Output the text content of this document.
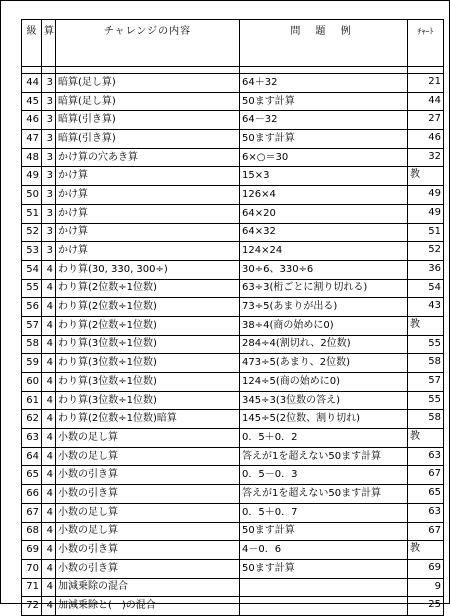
級	算	チャレンジの内容	問 題 例	ﾁｬｰﾄ

44	3	暗算(足し算)	64＋32	21

45	3	暗算(足し算)	50ます計算	44

46	3	暗算(引き算)	64－32	27

47	3	暗算(引き算)	50ます計算	46

48	3	かけ算の穴あき算	6×○＝30	32

49	3	かけ算	15×3	教

50	3	かけ算	126×4	49

51	3	かけ算	64×20	49

52	3	かけ算	64×32	51

53	3	かけ算	124×24	52

54	4	わり算(30, 330, 300÷)	30÷6、330÷6	36

55	4	わり算(2位数÷1位数)	63÷3(桁ごとに割り切れる)	54

56	4	わり算(2位数÷1位数)	73÷5(あまりが出る)	43

57	4	わり算(2位数÷1位数)	38÷4(商の始めに0)	教

58	4	わり算(3位数÷1位数)	284÷4(割切れ、2位数)	55

59	4	わり算(3位数÷1位数)	473÷5(あまり、2位数)	58

60	4	わり算(3位数÷1位数)	124÷5(商の始めに0)	57

61	4	わり算(3位数÷1位数)	345÷3(3位数の答え)	55

62	4	わり算(2位数÷1位数)暗算	145÷5(2位数、割り切れ)	58

63	4	小数の足し算	0．5＋0．2	教

64	4	小数の足し算	答えが1を超えない50ます計算	63

65	4	小数の引き算	0．5－0．3	67

66	4	小数の引き算	答えが1を超えない50ます計算	65

67	4	小数の足し算	0．5＋0．7	63

68	4	小数の足し算	50ます計算	67

69	4	小数の引き算	4－0．6	教

70	4	小数の引き算	50ます計算	69

71	4	加減乗除の混合		9

72	4	加減乗除と(　)の混合		25
